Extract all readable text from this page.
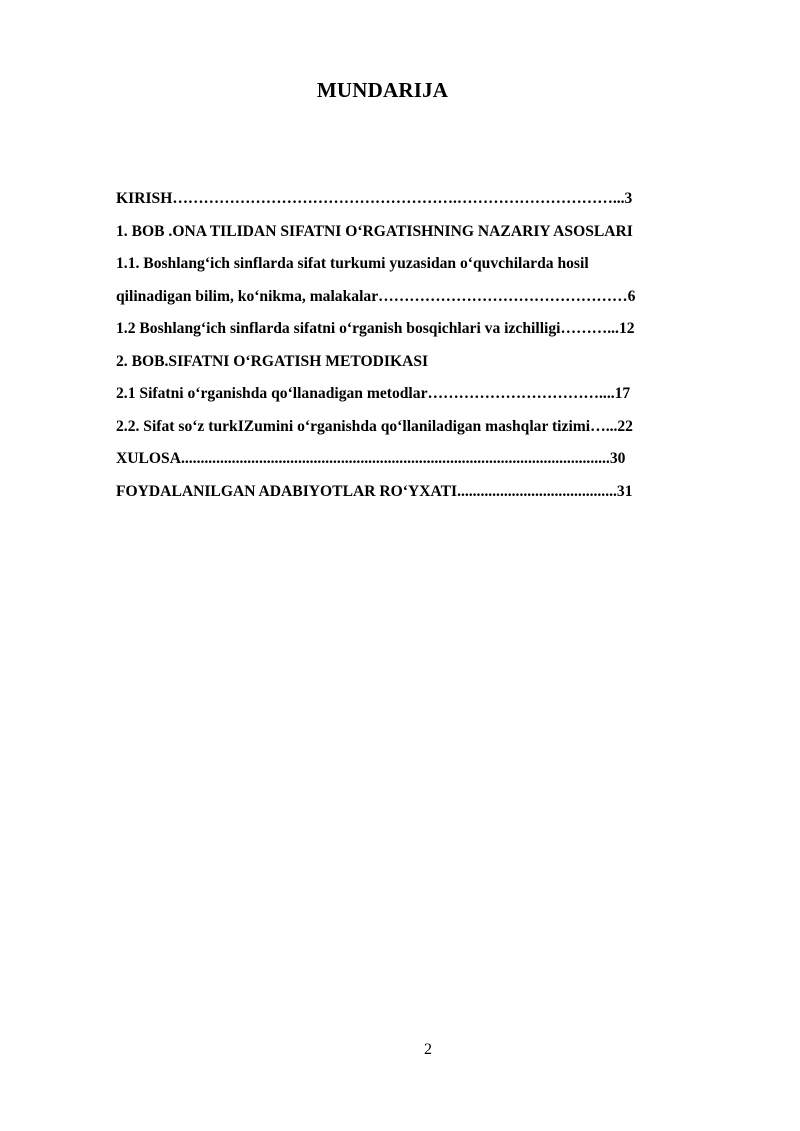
MUNDARIJA
KIRISH……………………………………………….…………………………...3
1. BOB .ONA TILIDAN SIFATNI OʻRGATISHNING NAZARIY ASOSLARI
1.1. Boshlangʻich sinflarda sifat turkumi yuzasidan oʻquvchilarda hosil
qilinadigan bilim, koʻnikma, malakalar…………………………………………6
1.2 Boshlangʻich sinflarda sifatni oʻrganish bosqichlari va izchilligi………...12
2. BOB.SIFATNI OʻRGATISH METODIKASI
2.1 Sifatni oʻrganishda qoʻllanadigan metodlar……………………………....17
2.2. Sifat soʻz turkIZumini oʻrganishda qoʻllaniladigan mashqlar tizimi…...22
XULOSA..............................................................................................................30
FOYDALANILGAN ADABIYOTLAR ROʻYXATI.........................................31
2
